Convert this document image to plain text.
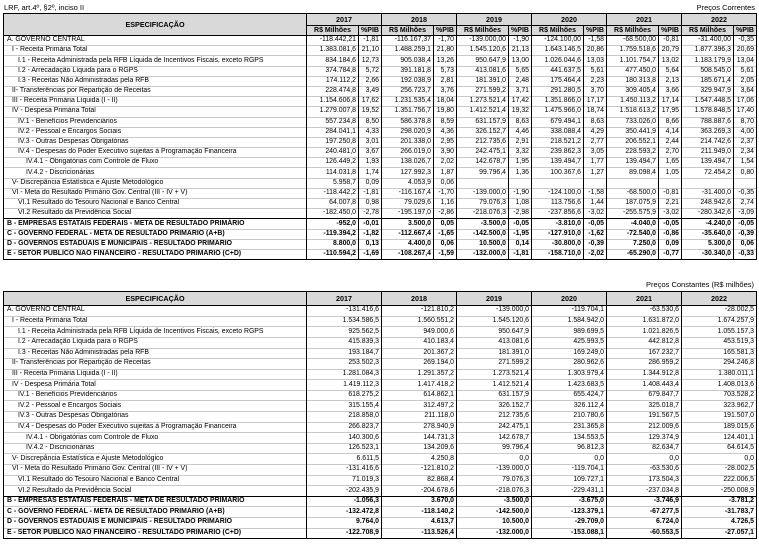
LRF, art.4º, §2º, inciso II	Preços Correntes
ESPECIFICAÇÃO	2017		2018		2019		2020		2021		2022	
	R$ Milhões	%PIB	R$ Milhões	%PIB	R$ Milhões	%PIB	R$ Milhões	%PIB	R$ Milhões	%PIB	R$ Milhões	%PIB
A. GOVERNO CENTRAL	-118.442,21	-1,81	-116.167,37	-1,70	-139.000,00	-1,90	-124.100,00	-1,58	-68.500,00	-0,81	-31.400,00	-0,35
I - Receita Primária Total	1.383.081,6	21,10	1.488.259,1	21,80	1.545.120,6	21,13	1.643.146,5	20,86	1.759.518,6	20,79	1.877.396,3	20,69
I.1 - Receita Administrada pela RFB Líquida de Incentivos Fiscais, exceto RGPS	834.184,6	12,73	905.038,4	13,26	950.647,9	13,00	1.026.044,6	13,03	1.101.754,7	13,02	1.183.179,9	13,04
I.2 - Arrecadação Líquida para o RGPS	374.784,8	5,72	391.181,8	5,73	413.081,6	5,65	441.637,5	5,61	477.450,0	5,64	508.545,0	5,61
I.3 - Receitas Não Administradas pela RFB	174.112,2	2,66	192.038,9	2,81	181.391,0	2,48	175.464,4	2,23	180.313,8	2,13	185.671,4	2,05
II- Transferências por Repartição de Receitas	228.474,8	3,49	256.723,7	3,76	271.599,2	3,71	291.280,5	3,70	309.405,4	3,66	329.947,9	3,64
III - Receita Primária Líquida (I - II)	1.154.606,8	17,62	1.231.535,4	18,04	1.273.521,4	17,42	1.351.866,0	17,17	1.450.113,2	17,14	1.547.448,5	17,06
IV - Despesa Primária Total	1.279.007,8	19,52	1.351.756,7	19,80	1.412.521,4	19,32	1.475.966,0	18,74	1.518.613,2	17,95	1.578.848,5	17,40
IV.1 - Benefícios Previdenciários	557.234,8	8,50	586.378,8	8,59	631.157,9	8,63	679.494,1	8,63	733.026,0	8,66	788.887,6	8,70
IV.2 - Pessoal e Encargos Sociais	284.041,1	4,33	298.020,9	4,36	326.152,7	4,46	338.088,4	4,29	350.441,9	4,14	363.269,3	4,00
IV.3 - Outras Despesas Obrigatórias	197.250,8	3,01	201.338,0	2,95	212.735,6	2,91	218.521,2	2,77	206.552,1	2,44	214.742,6	2,37
IV.4 - Despesas do Poder Executivo sujeitas à Programação Financeira	240.481,0	3,67	266.019,0	3,90	242.475,1	3,32	239.862,3	3,05	228.593,2	2,70	211.949,0	2,34
IV.4.1 - Obrigatórias com Controle de Fluxo	126.449,2	1,93	138.026,7	2,02	142.678,7	1,95	139.494,7	1,77	139.494,7	1,65	139.494,7	1,54
IV.4.2 - Discricionárias	114.031,8	1,74	127.992,3	1,87	99.796,4	1,36	100.367,6	1,27	89.098,4	1,05	72.454,2	0,80
V- Discrepância Estatística e Ajuste Metodológico	5.958,7	0,09	4.053,9	0,06								
VI - Meta do Resultado Primário Gov. Central (III - IV + V)	-118.442,2	-1,81	-116.167,4	-1,70	-139.000,0	-1,90	-124.100,0	-1,58	-68.500,0	-0,81	-31.400,0	-0,35
VI.1 Resultado do Tesouro Nacional e Banco Central	64.007,8	0,98	79.029,6	1,16	79.076,3	1,08	113.756,6	1,44	187.075,9	2,21	248.942,6	2,74
VI.2 Resultado da Previdência Social	-182.450,0	-2,78	-195.197,0	-2,86	-218.076,3	-2,98	-237.856,6	-3,02	-255.575,9	-3,02	-280.342,6	-3,09
B - EMPRESAS ESTATAIS FEDERAIS - META DE RESULTADO PRIMÁRIO	-952,0	-0,01	3.500,0	0,05	-3.500,0	-0,05	-3.810,0	-0,05	-4.040,0	-0,05	-4.240,0	-0,05
C - GOVERNO FEDERAL - META DE RESULTADO PRIMÁRIO (A+B)	-119.394,2	-1,82	-112.667,4	-1,65	-142.500,0	-1,95	-127.910,0	-1,62	-72.540,0	-0,86	-35.640,0	-0,39
D - GOVERNOS ESTADUAIS E MUNICIPAIS - RESULTADO PRIMÁRIO	8.800,0	0,13	4.400,0	0,06	10.500,0	0,14	-30.800,0	-0,39	7.250,0	0,09	5.300,0	0,06
E - SETOR PÚBLICO NÃO FINANCEIRO - RESULTADO PRIMÁRIO (C+D)	-110.594,2	-1,69	-108.267,4	-1,59	-132.000,0	-1,81	-158.710,0	-2,02	-65.290,0	-0,77	-30.340,0	-0,33
Preços Constantes (R$ milhões)
ESPECIFICAÇÃO	2017	2018	2019	2020	2021	2022
A. GOVERNO CENTRAL	-131.416,6	-121.810,2	-139.000,0	-119.704,1	-63.530,6	-28.002,5
I - Receita Primária Total	1.534.586,5	1.560.551,2	1.545.120,6	1.584.942,0	1.631.872,0	1.674.257,9
I.1 - Receita Administrada pela RFB Líquida de Incentivos Fiscais, exceto RGPS	925.562,5	949.000,6	950.647,9	989.699,5	1.021.826,5	1.055.157,3
I.2 - Arrecadação Líquida para o RGPS	415.839,3	410.183,4	413.081,6	425.993,5	442.812,8	453.519,3
I.3 - Receitas Não Administradas pela RFB	193.184,7	201.367,2	181.391,0	169.249,0	167.232,7	165.581,3
II- Transferências por Repartição de Receitas	253.502,3	269.194,0	271.599,2	280.962,6	286.959,2	294.246,8
III - Receita Primária Líquida (I - II)	1.281.084,3	1.291.357,2	1.273.521,4	1.303.979,4	1.344.912,8	1.380.011,1
IV - Despesa Primária Total	1.419.112,3	1.417.418,2	1.412.521,4	1.423.683,5	1.408.443,4	1.408.013,6
IV.1 - Benefícios Previdenciários	618.275,2	614.862,1	631.157,9	655.424,7	679.847,7	703.528,2
IV.2 - Pessoal e Encargos Sociais	315.155,4	312.497,2	326.152,7	326.112,4	325.018,7	323.962,7
IV.3 - Outras Despesas Obrigatórias	218.858,0	211.118,0	212.735,6	210.780,6	191.567,5	191.507,0
IV.4 - Despesas do Poder Executivo sujeitas à Programação Financeira	266.823,7	278.940,9	242.475,1	231.365,8	212.009,6	189.015,6
IV.4.1 - Obrigatórias com Controle de Fluxo	140.300,6	144.731,3	142.678,7	134.553,5	129.374,9	124.401,1
IV.4.2 - Discricionárias	126.523,1	134.209,6	99.796,4	96.812,3	82.634,7	64.614,5
V- Discrepância Estatística e Ajuste Metodológico	6.611,5	4.250,8	0,0	0,0	0,0	0,0
VI - Meta do Resultado Primário Gov. Central (III - IV + V)	-131.416,6	-121.810,2	-139.000,0	-119.704,1	-63.530,6	-28.002,5
VI.1 Resultado do Tesouro Nacional e Banco Central	71.019,3	82.868,4	79.076,3	109.727,1	173.504,3	222.006,5
VI.2 Resultado da Previdência Social	-202.435,9	-204.678,6	-218.076,3	-229.431,1	-237.034,8	-250.008,9
B - EMPRESAS ESTATAIS FEDERAIS - META DE RESULTADO PRIMÁRIO	-1.056,3	3.670,0	-3.500,0	-3.675,0	-3.746,9	-3.781,2
C - GOVERNO FEDERAL - META DE RESULTADO PRIMÁRIO (A+B)	-132.472,8	-118.140,2	-142.500,0	-123.379,1	-67.277,5	-31.783,7
D - GOVERNOS ESTADUAIS E MUNICIPAIS - RESULTADO PRIMÁRIO	9.764,0	4.613,7	10.500,0	-29.709,0	6.724,0	4.726,5
E - SETOR PÚBLICO NÃO FINANCEIRO - RESULTADO PRIMÁRIO (C+D)	-122.708,9	-113.526,4	-132.000,0	-153.088,1	-60.553,5	-27.057,1
